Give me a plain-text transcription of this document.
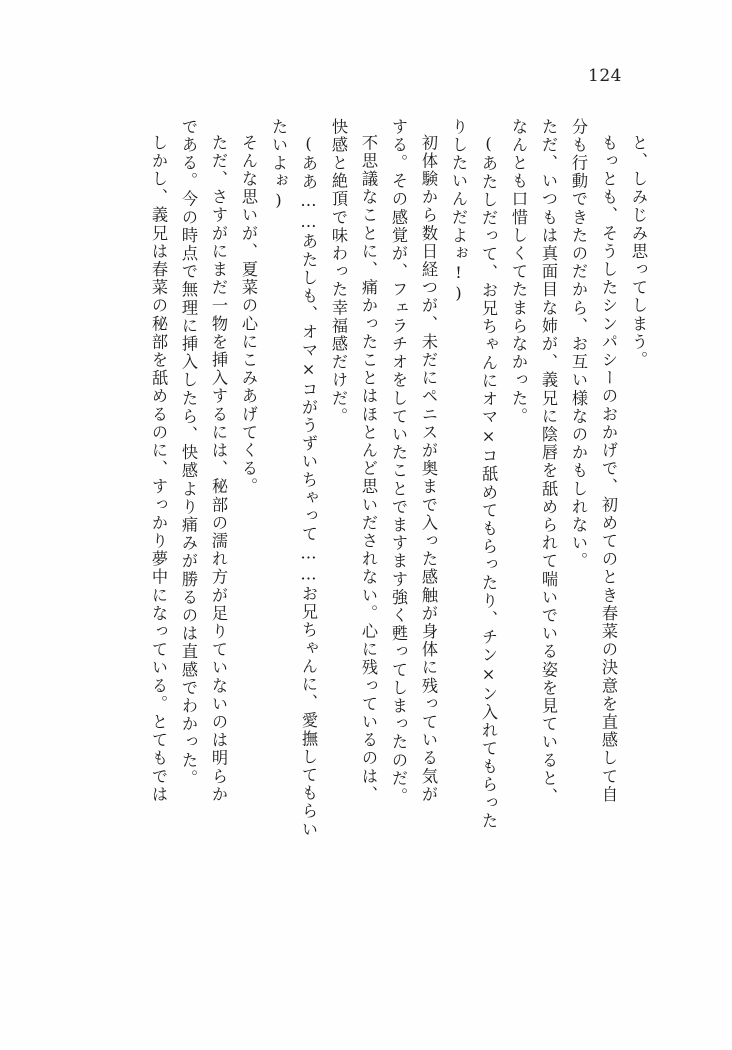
124
と、しみじみ思ってしまう。
もっとも、そうしたシンパシーのおかげで、初めてのとき春菜の決意を直感して自
分も行動できたのだから、お互い様なのかもしれない。
ただ、いつもは真面目な姉が、義兄に陰唇を舐められて喘いでいる姿を見ていると、
なんとも口惜しくてたまらなかった。
(あたしだって、お兄ちゃんにオマ×コ舐めてもらったり、チン×ン入れてもらった
りしたいんだよぉ!)
初体験から数日経つが、未だにペニスが奥まで入った感触が身体に残っている気が
する。その感覚が、フェラチオをしていたことでますます強く甦ってしまったのだ。
不思議なことに、痛かったことはほとんど思いだされない。心に残っているのは、
快感と絶頂で味わった幸福感だけだ。
(ああ……あたしも、オマ×コがうずいちゃって……お兄ちゃんに、愛撫してもらい
たいよぉ)
そんな思いが、夏菜の心にこみあげてくる。
ただ、さすがにまだ一物を挿入するには、秘部の濡れ方が足りていないのは明らか
である。今の時点で無理に挿入したら、快感より痛みが勝るのは直感でわかった。
しかし、義兄は春菜の秘部を舐めるのに、すっかり夢中になっている。とてもでは
